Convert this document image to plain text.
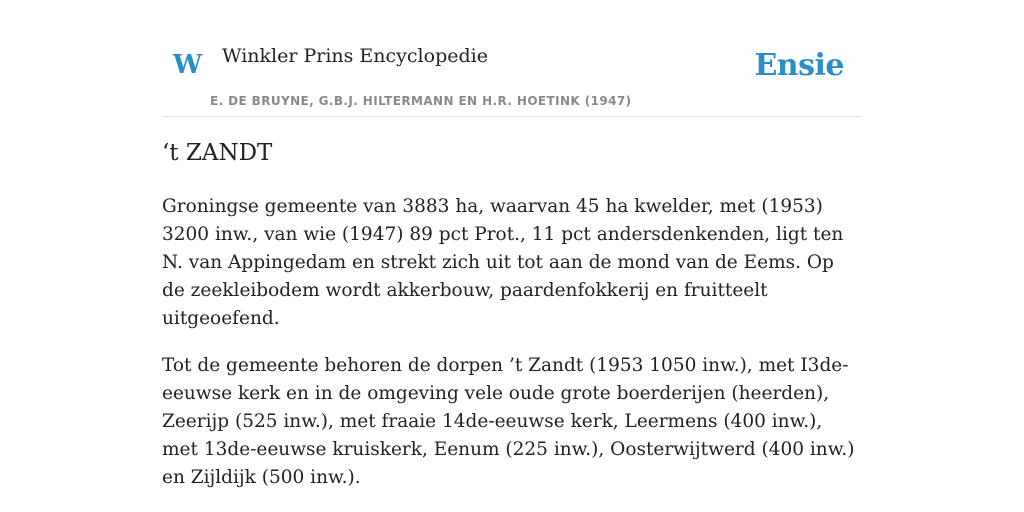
W Winkler Prins Encyclopedie
E. DE BRUYNE, G.B.J. HILTERMANN EN H.R. HOETINK (1947)
Ensie
‘t ZANDT

Groningse gemeente van 3883 ha, waarvan 45 ha kwelder, met (1953) 3200 inw., van wie (1947) 89 pct Prot., 11 pct andersdenkenden, ligt ten N. van Appingedam en strekt zich uit tot aan de mond van de Eems. Op de zeekleibodem wordt akkerbouw, paardenfokkerij en fruitteelt uitgeoefend.

Tot de gemeente behoren de dorpen ’t Zandt (1953 1050 inw.), met I3de-eeuwse kerk en in de omgeving vele oude grote boerderijen (heerden), Zeerijp (525 inw.), met fraaie 14de-eeuwse kerk, Leermens (400 inw.), met 13de-eeuwse kruiskerk, Eenum (225 inw.), Oosterwijtwerd (400 inw.) en Zijldijk (500 inw.).
